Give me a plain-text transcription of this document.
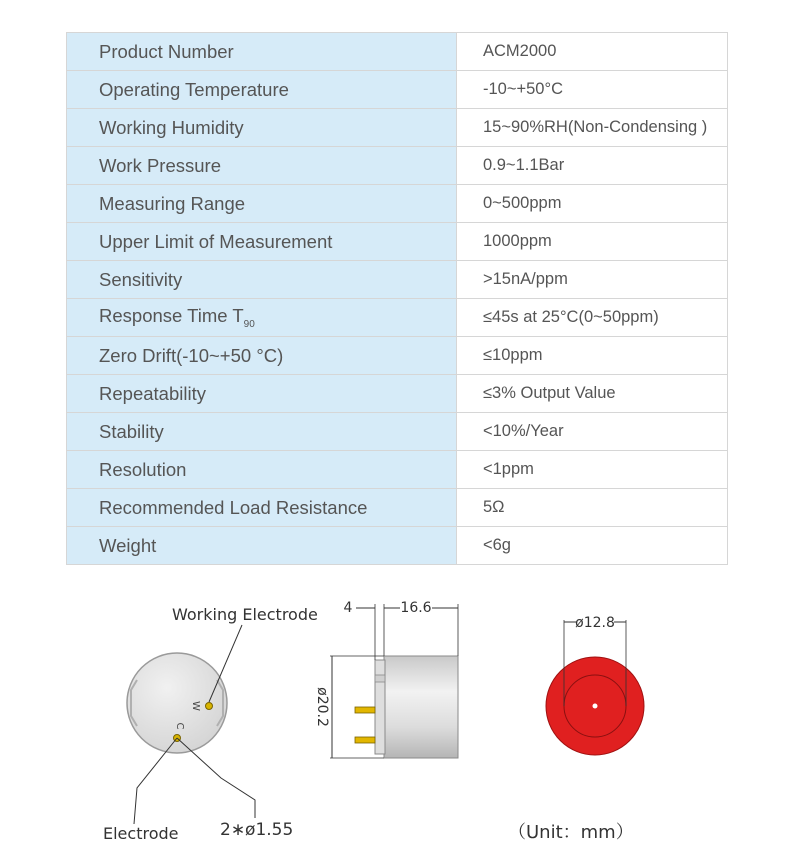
Product Number	ACM2000
Operating Temperature	-10~+50°C
Working Humidity	15~90%RH(Non-Condensing )
Work Pressure	0.9~1.1Bar
Measuring Range	0~500ppm
Upper Limit of Measurement	1000ppm
Sensitivity	>15nA/ppm
Response Time $T_{90}$	≤45s at 25°C(0~50ppm)
Zero Drift(-10~+50 °C)	≤10ppm
Repeatability	≤3% Output Value
Stability	<10%/Year
Resolution	<1ppm
Recommended Load Resistance	5Ω
Weight	<6g
W
C	ø20.2
4	16.6
ø12.8
Working Electrode
Electrode 2∗ø1.55	（Unit：mm）
